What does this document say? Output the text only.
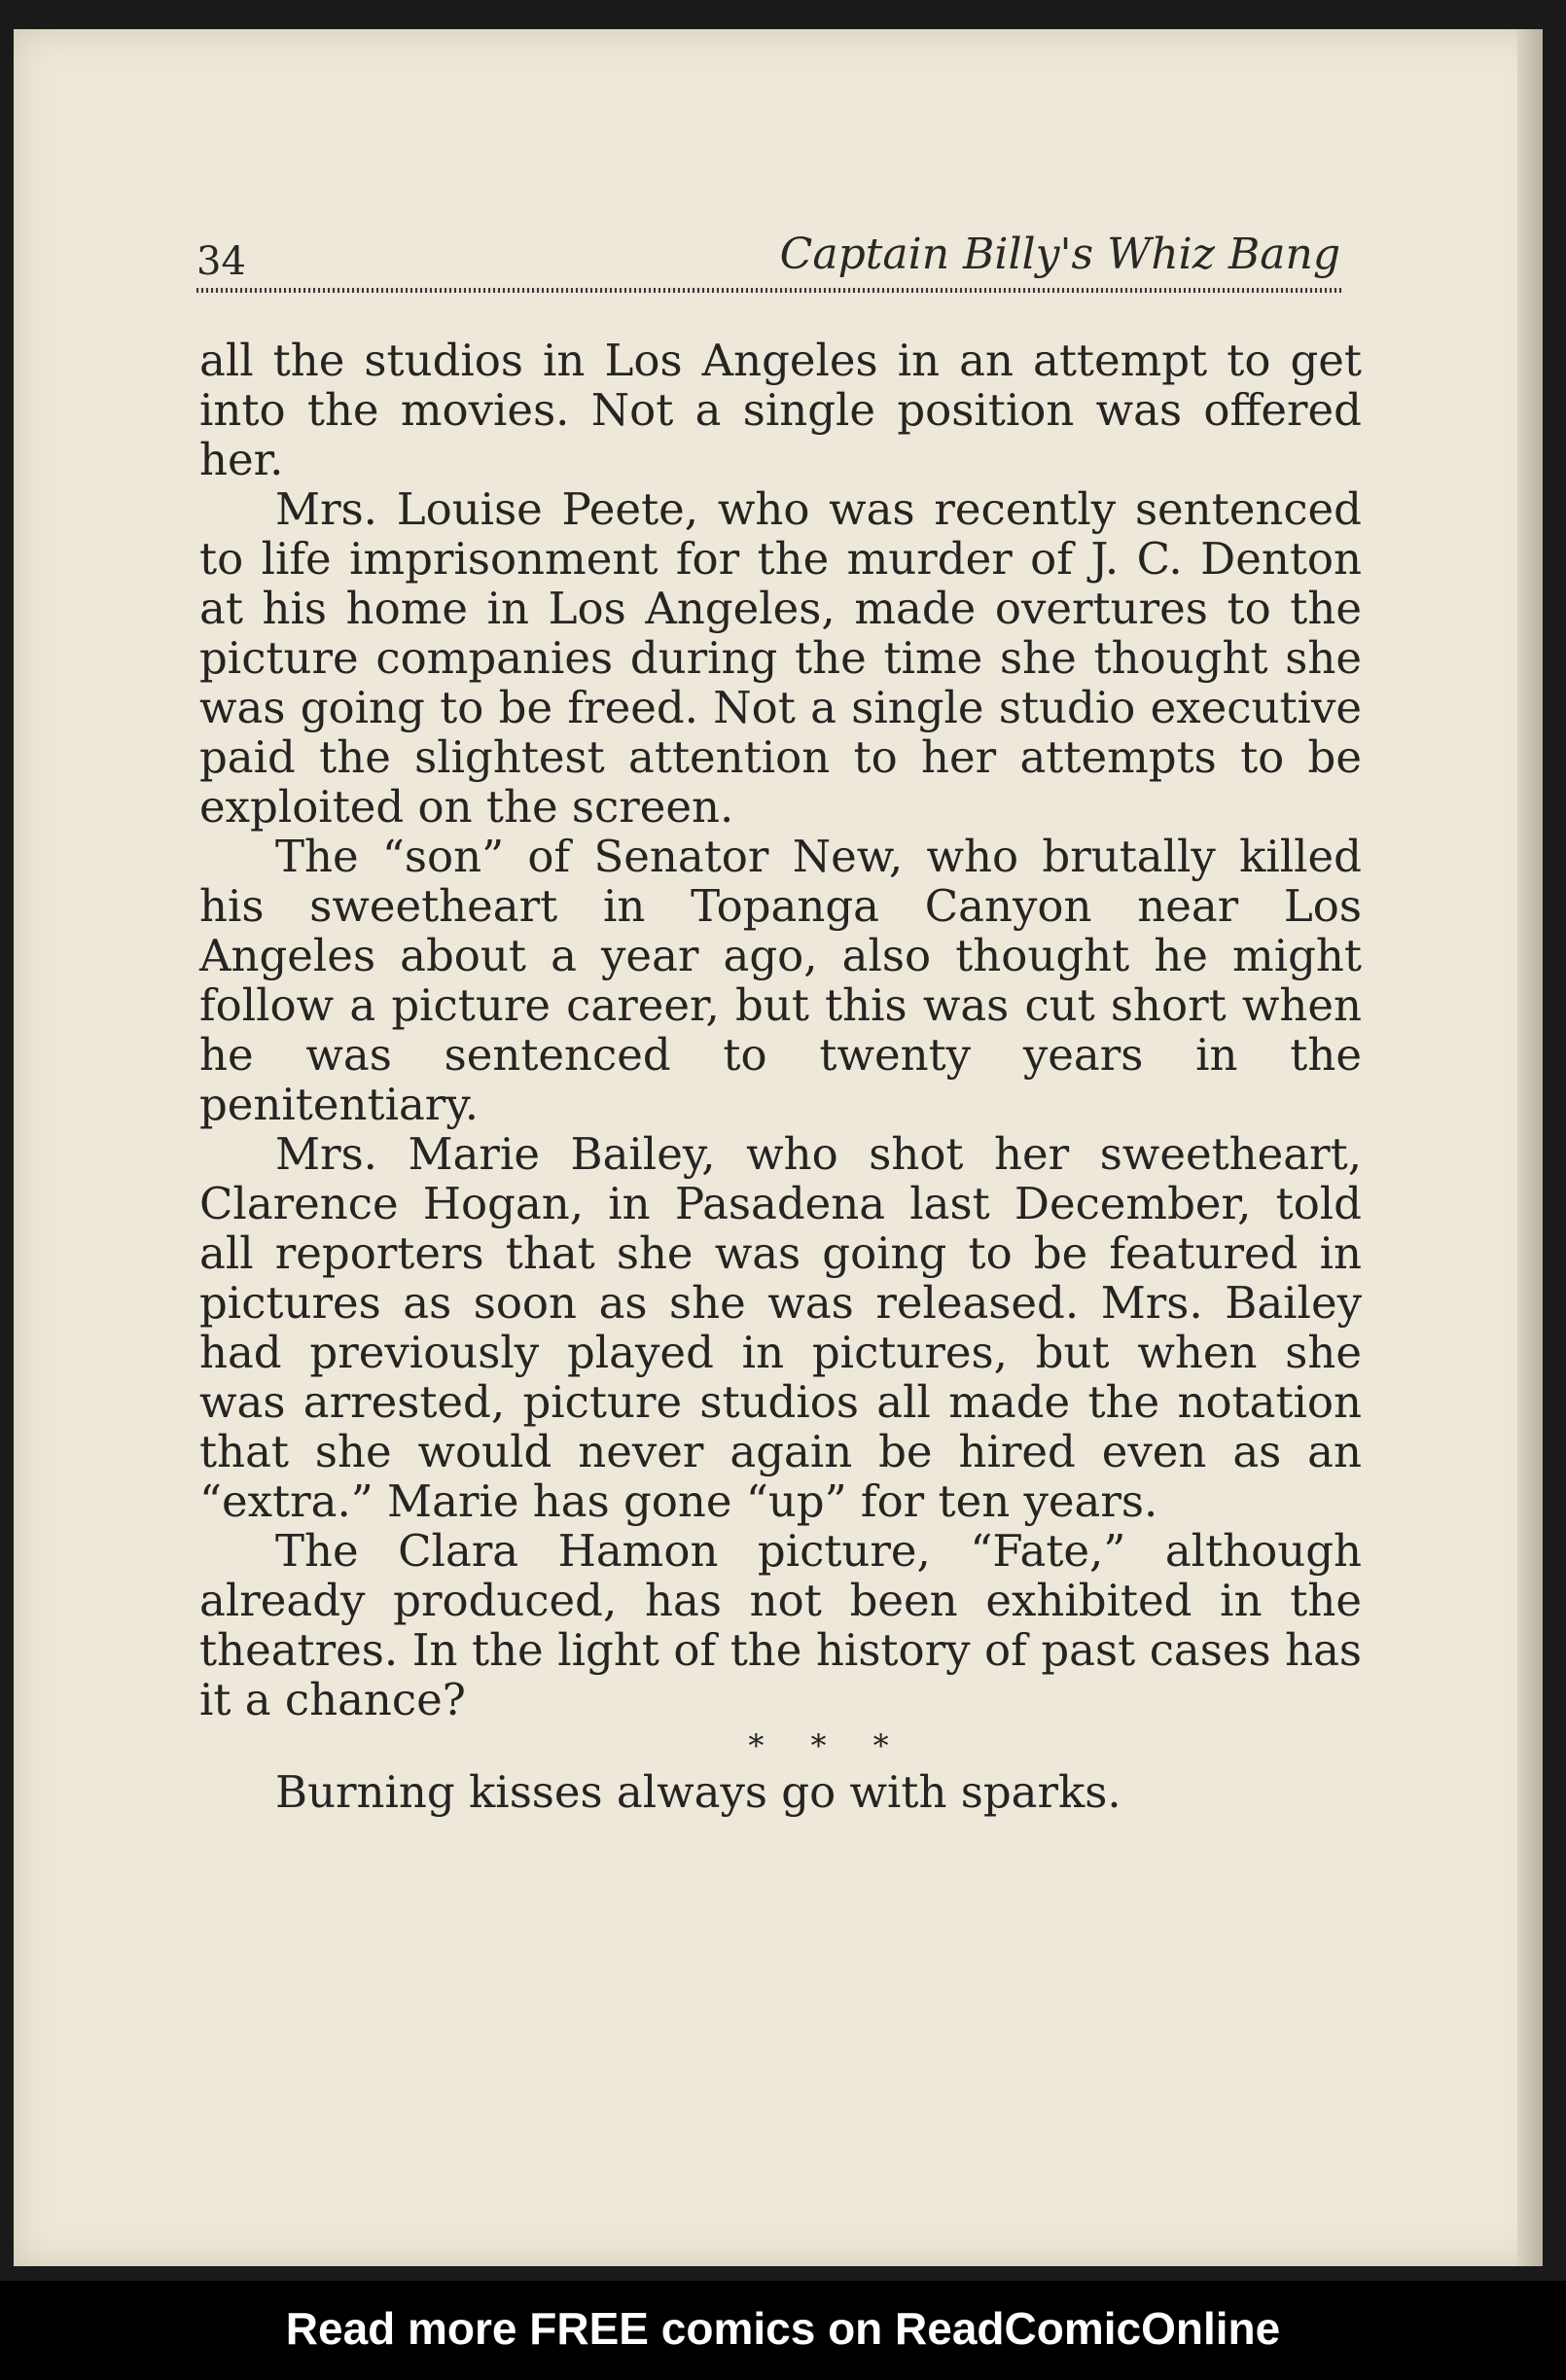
34	Captain Billy's Whiz Bang

all the studios in Los Angeles in an attempt to get into the movies. Not a single position was offered her.

Mrs. Louise Peete, who was recently sentenced to life imprisonment for the murder of J. C. Denton at his home in Los Angeles, made overtures to the picture companies during the time she thought she was going to be freed. Not a single studio executive paid the slightest attention to her attempts to be exploited on the screen.

The “son” of Senator New, who brutally killed his sweetheart in Topanga Canyon near Los Angeles about a year ago, also thought he might follow a picture career, but this was cut short when he was sentenced to twenty years in the penitentiary.

Mrs. Marie Bailey, who shot her sweetheart, Clarence Hogan, in Pasadena last December, told all reporters that she was going to be featured in pictures as soon as she was released. Mrs. Bailey had previously played in pictures, but when she was arrested, picture studios all made the notation that she would never again be hired even as an “extra.” Marie has gone “up” for ten years.

The Clara Hamon picture, “Fate,” although already produced, has not been exhibited in the theatres. In the light of the history of past cases has it a chance?

* * *

Burning kisses always go with sparks.

Read more FREE comics on ReadComicOnline
